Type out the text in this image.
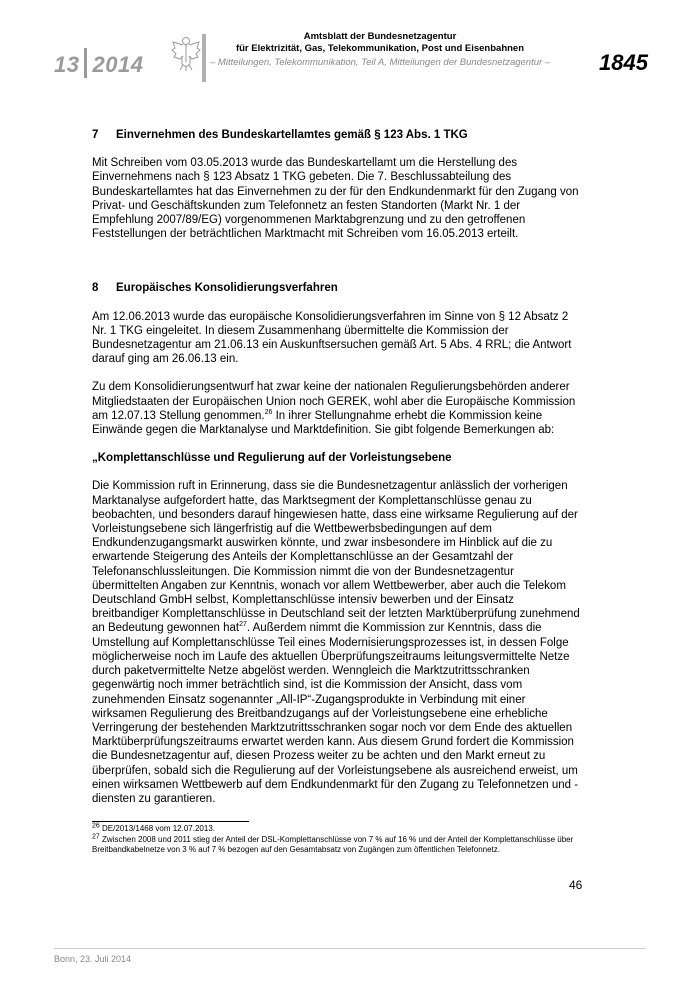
13 2014
Amtsblatt der Bundesnetzagentur
für Elektrizität, Gas, Telekommunikation, Post und Eisenbahnen
– Mitteilungen, Telekommunikation, Teil A, Mitteilungen der Bundesnetzagentur – 1845
7 Einvernehmen des Bundeskartellamtes gemäß § 123 Abs. 1 TKG

Mit Schreiben vom 03.05.2013 wurde das Bundeskartellamt um die Herstellung des Einvernehmens nach § 123 Absatz 1 TKG gebeten. Die 7. Beschlussabteilung des Bundeskartellamtes hat das Einvernehmen zu der für den Endkundenmarkt für den Zugang von Privat- und Geschäftskunden zum Telefonnetz an festen Standorten (Markt Nr. 1 der Empfehlung 2007/89/EG) vorgenommenen Marktabgrenzung und zu den getroffenen Feststellungen der beträchtlichen Marktmacht mit Schreiben vom 16.05.2013 erteilt.

8 Europäisches Konsolidierungsverfahren

Am 12.06.2013 wurde das europäische Konsolidierungsverfahren im Sinne von § 12 Absatz 2 Nr. 1 TKG eingeleitet. In diesem Zusammenhang übermittelte die Kommission der Bundesnetzagentur am 21.06.13 ein Auskunftsersuchen gemäß Art. 5 Abs. 4 RRL; die Antwort darauf ging am 26.06.13 ein.

Zu dem Konsolidierungsentwurf hat zwar keine der nationalen Regulierungsbehörden anderer Mitgliedstaaten der Europäischen Union noch GEREK, wohl aber die Europäische Kommission am 12.07.13 Stellung genommen.$^{26}$ In ihrer Stellungnahme erhebt die Kommission keine Einwände gegen die Marktanalyse und Marktdefinition. Sie gibt folgende Bemerkungen ab:

„Komplettanschlüsse und Regulierung auf der Vorleistungsebene

Die Kommission ruft in Erinnerung, dass sie die Bundesnetzagentur anlässlich der vorherigen Marktanalyse aufgefordert hatte, das Marktsegment der Komplettanschlüsse genau zu beobachten, und besonders darauf hingewiesen hatte, dass eine wirksame Regulierung auf der Vorleistungsebene sich längerfristig auf die Wettbewerbsbedingungen auf dem Endkundenzugangsmarkt auswirken könnte, und zwar insbesondere im Hinblick auf die zu erwartende Steigerung des Anteils der Komplettanschlüsse an der Gesamtzahl der Telefonanschlussleitungen. Die Kommission nimmt die von der Bundesnetzagentur übermittelten Angaben zur Kenntnis, wonach vor allem Wettbewerber, aber auch die Telekom Deutschland GmbH selbst, Komplettanschlüsse intensiv bewerben und der Einsatz breitbandiger Komplettanschlüsse in Deutschland seit der letzten Marktüberprüfung zunehmend an Bedeutung gewonnen hat$^{27}$. Außerdem nimmt die Kommission zur Kenntnis, dass die Umstellung auf Komplettanschlüsse Teil eines Modernisierungsprozesses ist, in dessen Folge möglicherweise noch im Laufe des aktuellen Überprüfungszeitraums leitungsvermittelte Netze durch paketvermittelte Netze abgelöst werden. Wenngleich die Marktzutrittsschranken gegenwärtig noch immer beträchtlich sind, ist die Kommission der Ansicht, dass vom zunehmenden Einsatz sogenannter „All-IP“-Zugangsprodukte in Verbindung mit einer wirksamen Regulierung des Breitbandzugangs auf der Vorleistungsebene eine erhebliche Verringerung der bestehenden Marktzutrittsschranken sogar noch vor dem Ende des aktuellen Marktüberprüfungszeitraums erwartet werden kann. Aus diesem Grund fordert die Kommission die Bundesnetzagentur auf, diesen Prozess weiter zu be achten und den Markt erneut zu überprüfen, sobald sich die Regulierung auf der Vorleistungsebene als ausreichend erweist, um einen wirksamen Wettbewerb auf dem Endkundenmarkt für den Zugang zu Telefonnetzen und -diensten zu garantieren.

$^{26}$ DE/2013/1468 vom 12.07.2013.
$^{27}$ Zwischen 2008 und 2011 stieg der Anteil der DSL-Komplettanschlüsse von 7 % auf 16 % und der Anteil der Komplettanschlüsse über Breitbandkabelnetze von 3 % auf 7 % bezogen auf den Gesamtabsatz von Zugängen zum öffentlichen Telefonnetz.
46
Bonn, 23. Juli 2014
